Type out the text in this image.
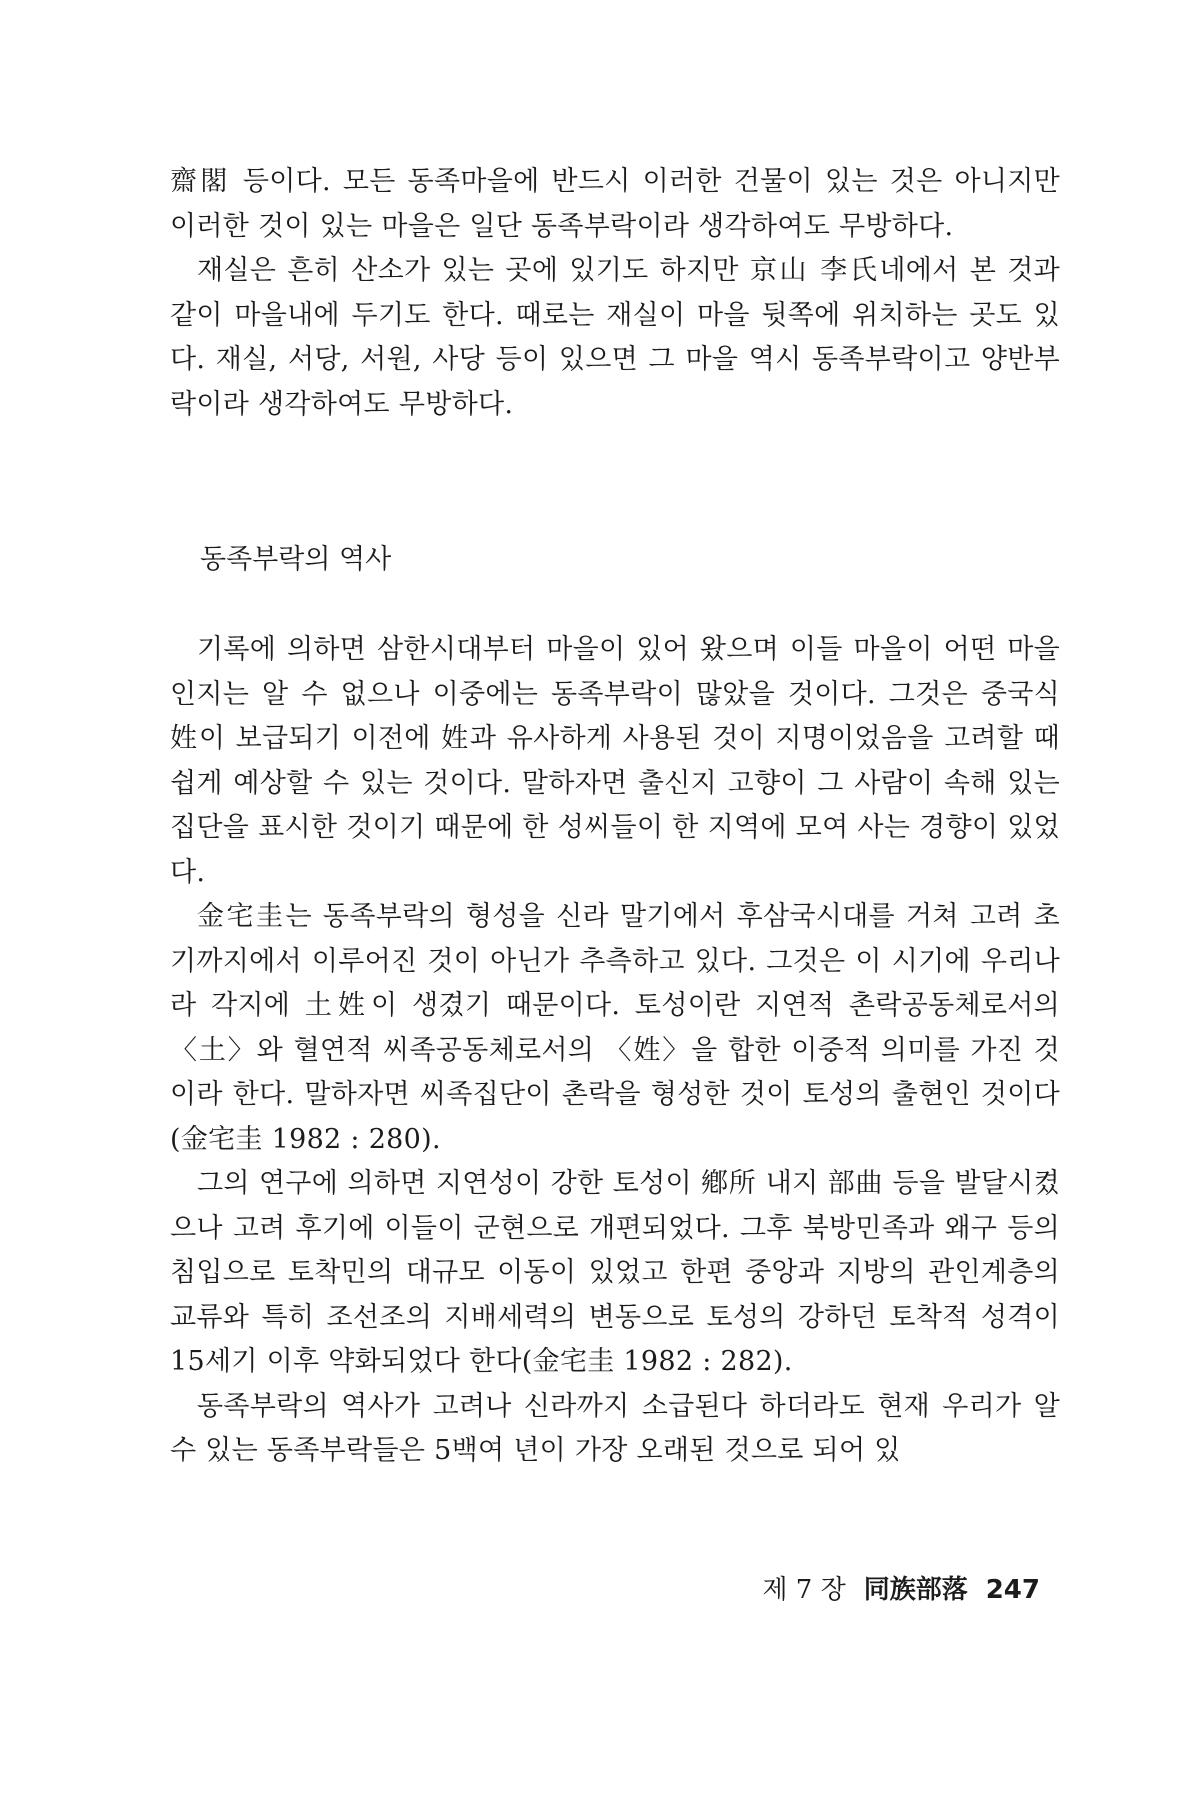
齋閣 등이다. 모든 동족마을에 반드시 이러한 건물이 있는 것은 아니지만 이러한 것이 있는 마을은 일단 동족부락이라 생각하여도 무방하다.

재실은 흔히 산소가 있는 곳에 있기도 하지만 京山 李氏네에서 본 것과 같이 마을내에 두기도 한다. 때로는 재실이 마을 뒷쪽에 위치하는 곳도 있다. 재실, 서당, 서원, 사당 등이 있으면 그 마을 역시 동족부락이고 양반부락이라 생각하여도 무방하다.

동족부락의 역사

기록에 의하면 삼한시대부터 마을이 있어 왔으며 이들 마을이 어떤 마을인지는 알 수 없으나 이중에는 동족부락이 많았을 것이다. 그것은 중국식 姓이 보급되기 이전에 姓과 유사하게 사용된 것이 지명이었음을 고려할 때 쉽게 예상할 수 있는 것이다. 말하자면 출신지 고향이 그 사람이 속해 있는 집단을 표시한 것이기 때문에 한 성씨들이 한 지역에 모여 사는 경향이 있었다.

金宅圭는 동족부락의 형성을 신라 말기에서 후삼국시대를 거쳐 고려 초기까지에서 이루어진 것이 아닌가 추측하고 있다. 그것은 이 시기에 우리나라 각지에 土姓이 생겼기 때문이다. 토성이란 지연적 촌락공동체로서의 〈土〉와 혈연적 씨족공동체로서의 〈姓〉을 합한 이중적 의미를 가진 것이라 한다. 말하자면 씨족집단이 촌락을 형성한 것이 토성의 출현인 것이다(金宅圭 1982 : 280).

그의 연구에 의하면 지연성이 강한 토성이 鄕所 내지 部曲 등을 발달시켰으나 고려 후기에 이들이 군현으로 개편되었다. 그후 북방민족과 왜구 등의 침입으로 토착민의 대규모 이동이 있었고 한편 중앙과 지방의 관인계층의 교류와 특히 조선조의 지배세력의 변동으로 토성의 강하던 토착적 성격이 15세기 이후 약화되었다 한다(金宅圭 1982 : 282).

동족부락의 역사가 고려나 신라까지 소급된다 하더라도 현재 우리가 알 수 있는 동족부락들은 5백여 년이 가장 오래된 것으로 되어 있

제 7 장 同族部落 247
